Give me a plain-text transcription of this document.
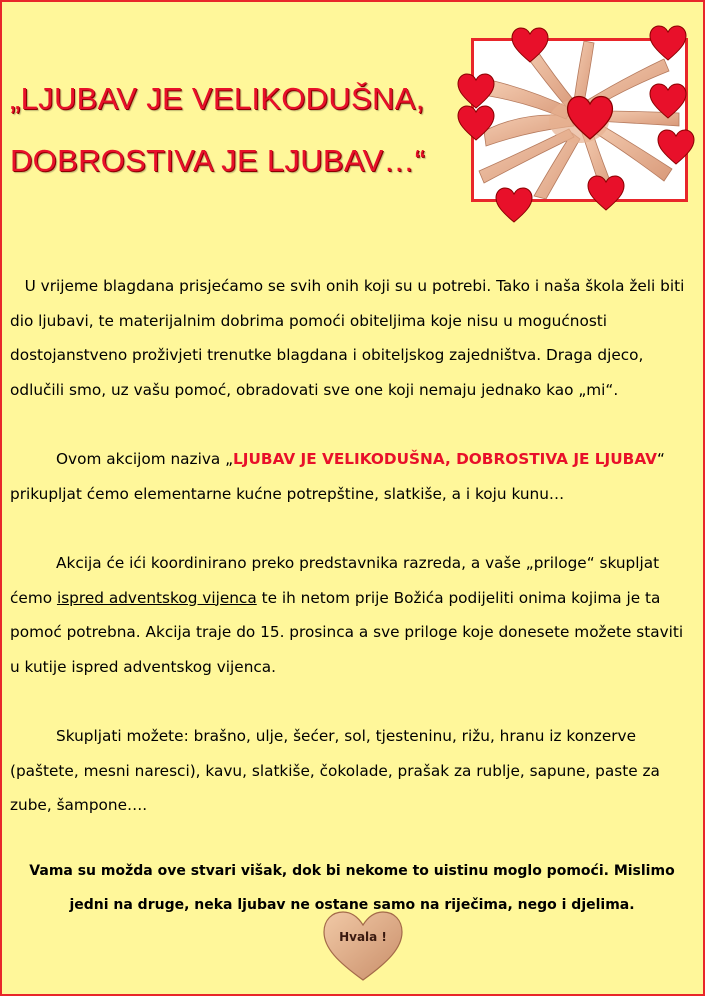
„LJUBAV JE VELIKODUŠNA,
DOBROSTIVA JE LJUBAV…“

U vrijeme blagdana prisjećamo se svih onih koji su u potrebi. Tako i naša škola želi biti dio ljubavi, te materijalnim dobrima pomoći obiteljima koje nisu u mogućnosti dostojanstveno proživjeti trenutke blagdana i obiteljskog zajedništva. Draga djeco, odlučili smo, uz vašu pomoć, obradovati sve one koji nemaju jednako kao „mi“.

Ovom akcijom naziva „LJUBAV JE VELIKODUŠNA, DOBROSTIVA JE LJUBAV“ prikupljat ćemo elementarne kućne potrepštine, slatkiše, a i koju kunu…

Akcija će ići koordinirano preko predstavnika razreda, a vaše „priloge“ skupljat ćemo ispred adventskog vijenca te ih netom prije Božića podijeliti onima kojima je ta pomoć potrebna. Akcija traje do 15. prosinca a sve priloge koje donesete možete staviti u kutije ispred adventskog vijenca.

Skupljati možete: brašno, ulje, šećer, sol, tjesteninu, rižu, hranu iz konzerve (paštete, mesni naresci), kavu, slatkiše, čokolade, prašak za rublje, sapune, paste za zube, šampone….

Vama su možda ove stvari višak, dok bi nekome to uistinu moglo pomoći. Mislimo
jedni na druge, neka ljubav ne ostane samo na riječima, nego i djelima.

Hvala !
